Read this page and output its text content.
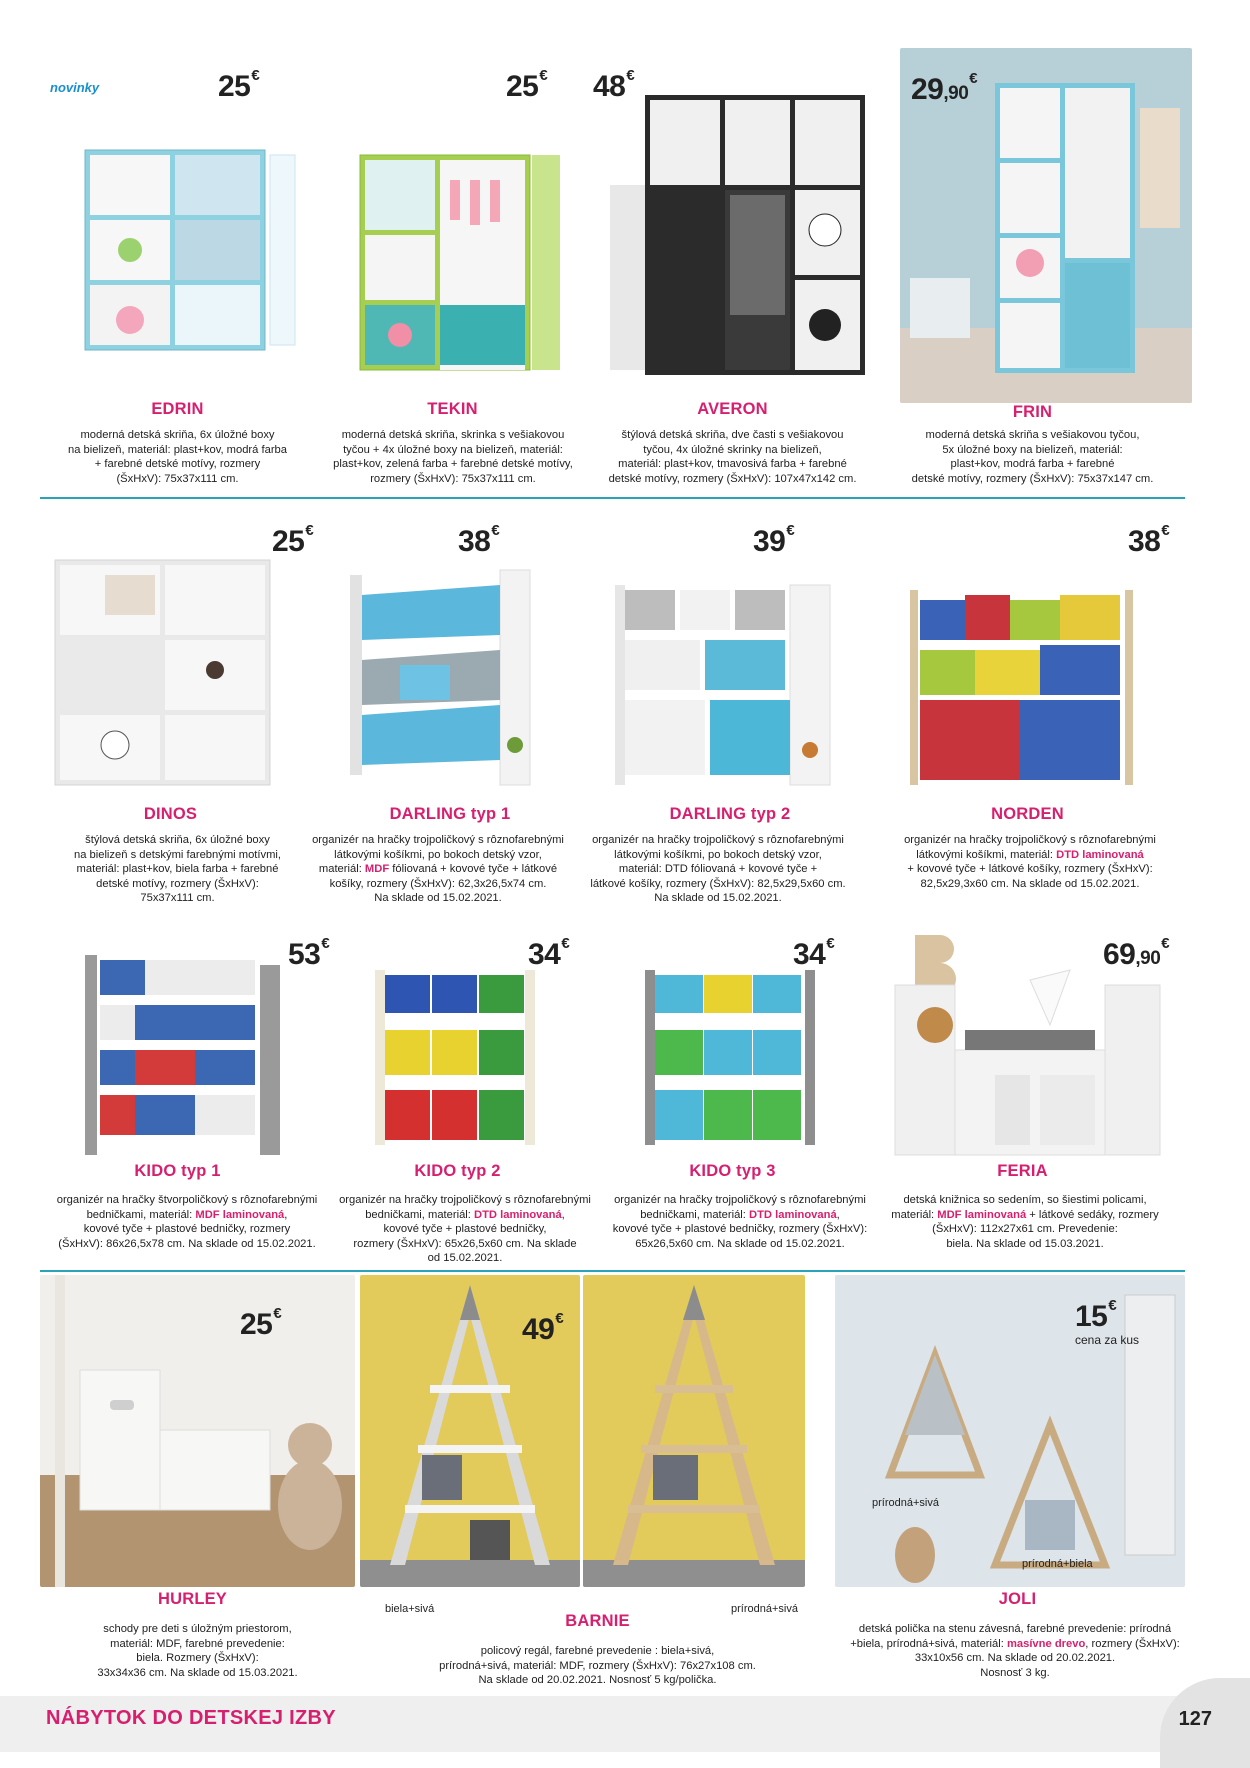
novinky	25€
EDRIN
moderná detská skriňa, 6x úložné boxy
na bielizeň, materiál: plast+kov, modrá farba
+ farebné detské motívy, rozmery
(ŠxHxV): 75x37x111 cm.
25€
TEKIN
moderná detská skriňa, skrinka s vešiakovou
tyčou + 4x úložné boxy na bielizeň, materiál:
plast+kov, zelená farba + farebné detské motívy,
rozmery (ŠxHxV): 75x37x111 cm.
48€
AVERON
štýlová detská skriňa, dve časti s vešiakovou
tyčou, 4x úložné skrinky na bielizeň,
materiál: plast+kov, tmavosivá farba + farebné
detské motívy, rozmery (ŠxHxV): 107x47x142 cm.
29,90€
FRIN
moderná detská skriňa s vešiakovou tyčou,
5x úložné boxy na bielizeň, materiál:
plast+kov, modrá farba + farebné
detské motívy, rozmery (ŠxHxV): 75x37x147 cm.
25€
DINOS
štýlová detská skriňa, 6x úložné boxy
na bielizeň s detskými farebnými motívmi,
materiál: plast+kov, biela farba + farebné
detské motívy, rozmery (ŠxHxV):
75x37x111 cm.
38€
DARLING typ 1
organizér na hračky trojpoličkový s rôznofarebnými
látkovými košíkmi, po bokoch detský vzor,
materiál: MDF fóliovaná + kovové tyče + látkové
košíky, rozmery (ŠxHxV): 62,3x26,5x74 cm.
Na sklade od 15.02.2021.
39€
DARLING typ 2
organizér na hračky trojpoličkový s rôznofarebnými
látkovými košíkmi, po bokoch detský vzor,
materiál: DTD fóliovaná + kovové tyče +
látkové košíky, rozmery (ŠxHxV): 82,5x29,5x60 cm.
Na sklade od 15.02.2021.
38€
NORDEN
organizér na hračky trojpoličkový s rôznofarebnými
látkovými košíkmi, materiál: DTD laminovaná
+ kovové tyče + látkové košíky, rozmery (ŠxHxV):
82,5x29,3x60 cm. Na sklade od 15.02.2021.
53€
KIDO typ 1
organizér na hračky štvorpoličkový s rôznofarebnými
bedničkami, materiál: MDF laminovaná,
kovové tyče + plastové bedničky, rozmery
(ŠxHxV): 86x26,5x78 cm. Na sklade od 15.02.2021.
34€
KIDO typ 2
organizér na hračky trojpoličkový s rôznofarebnými
bedničkami, materiál: DTD laminovaná,
kovové tyče + plastové bedničky,
rozmery (ŠxHxV): 65x26,5x60 cm. Na sklade
od 15.02.2021.
34€
KIDO typ 3
organizér na hračky trojpoličkový s rôznofarebnými
bedničkami, materiál: DTD laminovaná,
kovové tyče + plastové bedničky, rozmery (ŠxHxV):
65x26,5x60 cm. Na sklade od 15.02.2021.
69,90€
FERIA
detská knižnica so sedením, so šiestimi policami,
materiál: MDF laminovaná + látkové sedáky, rozmery
(ŠxHxV): 112x27x61 cm. Prevedenie:
biela. Na sklade od 15.03.2021.
25€
HURLEY
schody pre deti s úložným priestorom,
materiál: MDF, farebné prevedenie:
biela. Rozmery (ŠxHxV):
33x34x36 cm. Na sklade od 15.03.2021.
49€
biela+sivá	prírodná+sivá
BARNIE
policový regál, farebné prevedenie : biela+sivá,
prírodná+sivá, materiál: MDF, rozmery (ŠxHxV): 76x27x108 cm.
Na sklade od 20.02.2021. Nosnosť 5 kg/polička.
15€
cena za kus
prírodná+sivá
prírodná+biela
JOLI
detská polička na stenu závesná, farebné prevedenie: prírodná
+biela, prírodná+sivá, materiál: masívne drevo, rozmery (ŠxHxV):
33x10x56 cm. Na sklade od 20.02.2021.
Nosnosť 3 kg.
NÁBYTOK DO DETSKEJ IZBY	127
